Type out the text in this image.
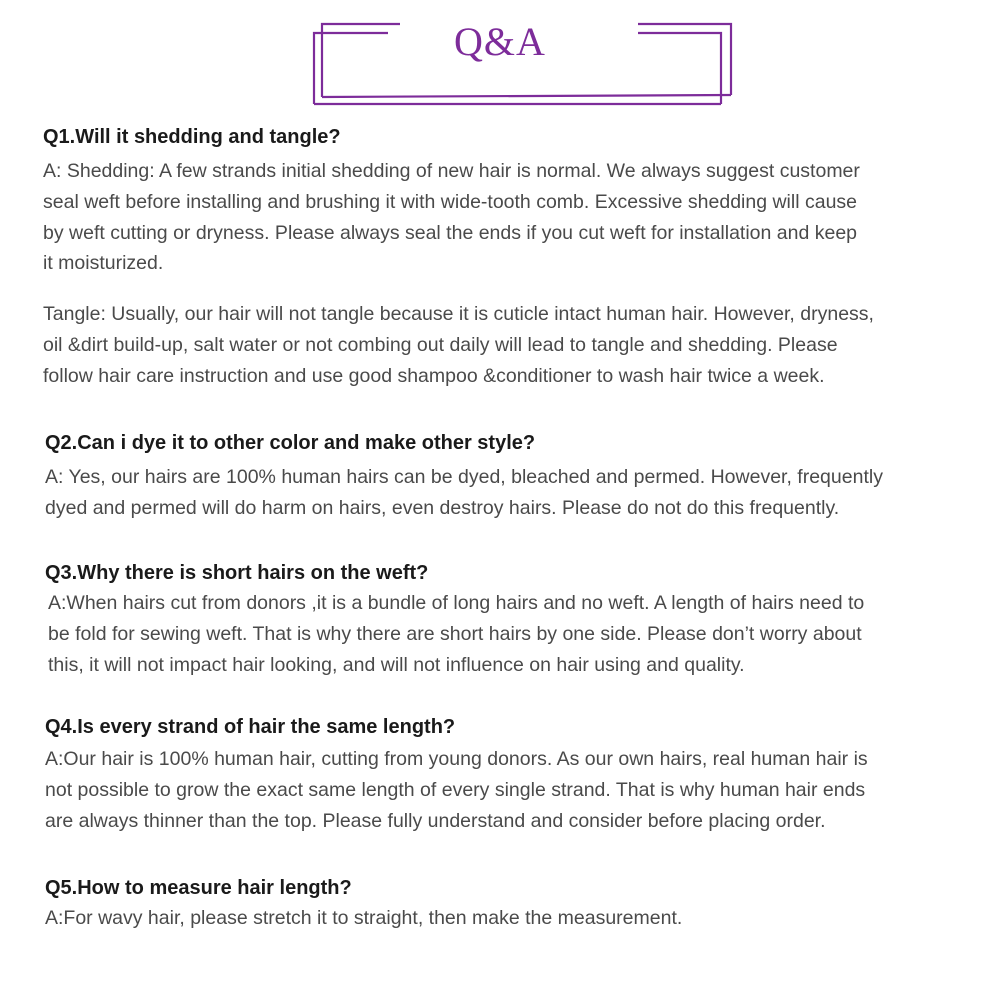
Q&A
Q1.Will it shedding and tangle?
A: Shedding: A few strands initial shedding of new hair is normal. We always suggest customer
seal weft before installing and brushing it with wide-tooth comb. Excessive shedding will cause
by weft cutting or dryness. Please always seal the ends if you cut weft for installation and keep
it moisturized.
Tangle: Usually, our hair will not tangle because it is cuticle intact human hair. However, dryness,
oil &dirt build-up, salt water or not combing out daily will lead to tangle and shedding. Please
follow hair care instruction and use good shampoo &conditioner to wash hair twice a week.
Q2.Can i dye it to other color and make other style?
A: Yes, our hairs are 100% human hairs can be dyed, bleached and permed. However, frequently
dyed and permed will do harm on hairs, even destroy hairs. Please do not do this frequently.
Q3.Why there is short hairs on the weft?
A:When hairs cut from donors ,it is a bundle of long hairs and no weft. A length of hairs need to
be fold for sewing weft. That is why there are short hairs by one side. Please don’t worry about
this, it will not impact hair looking, and will not influence on hair using and quality.
Q4.Is every strand of hair the same length?
A:Our hair is 100% human hair, cutting from young donors. As our own hairs, real human hair is
not possible to grow the exact same length of every single strand. That is why human hair ends
are always thinner than the top. Please fully understand and consider before placing order.
Q5.How to measure hair length?
A:For wavy hair, please stretch it to straight, then make the measurement.
